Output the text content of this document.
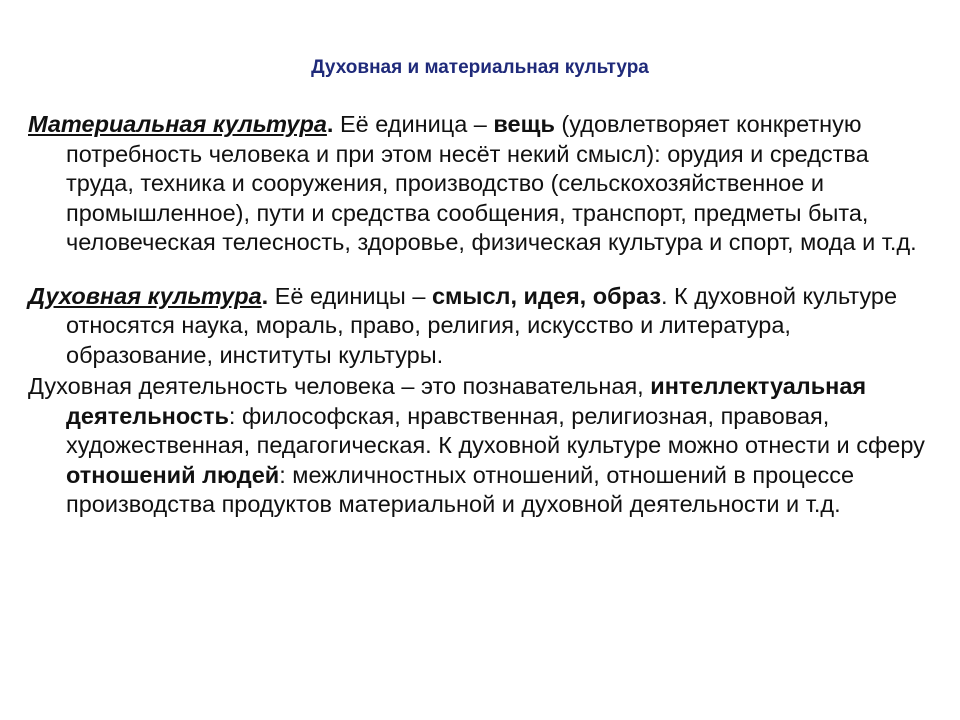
Духовная и материальная культура

Материальная культура. Её единица – вещь (удовлетворяет конкретную потребность человека и при этом несёт некий смысл): орудия и средства труда, техника и сооружения, производство (сельскохозяйственное и промышленное), пути и средства сообщения, транспорт, предметы быта, человеческая телесность, здоровье, физическая культура и спорт, мода и т.д.

Духовная культура. Её единицы – смысл, идея, образ. К духовной культуре относятся наука, мораль, право, религия, искусство и литература, образование, институты культуры.

Духовная деятельность человека – это познавательная, интеллектуальная деятельность: философская, нравственная, религиозная, правовая, художественная, педагогическая. К духовной культуре можно отнести и сферу отношений людей: межличностных отношений, отношений в процессе производства продуктов материальной и духовной деятельности и т.д.
